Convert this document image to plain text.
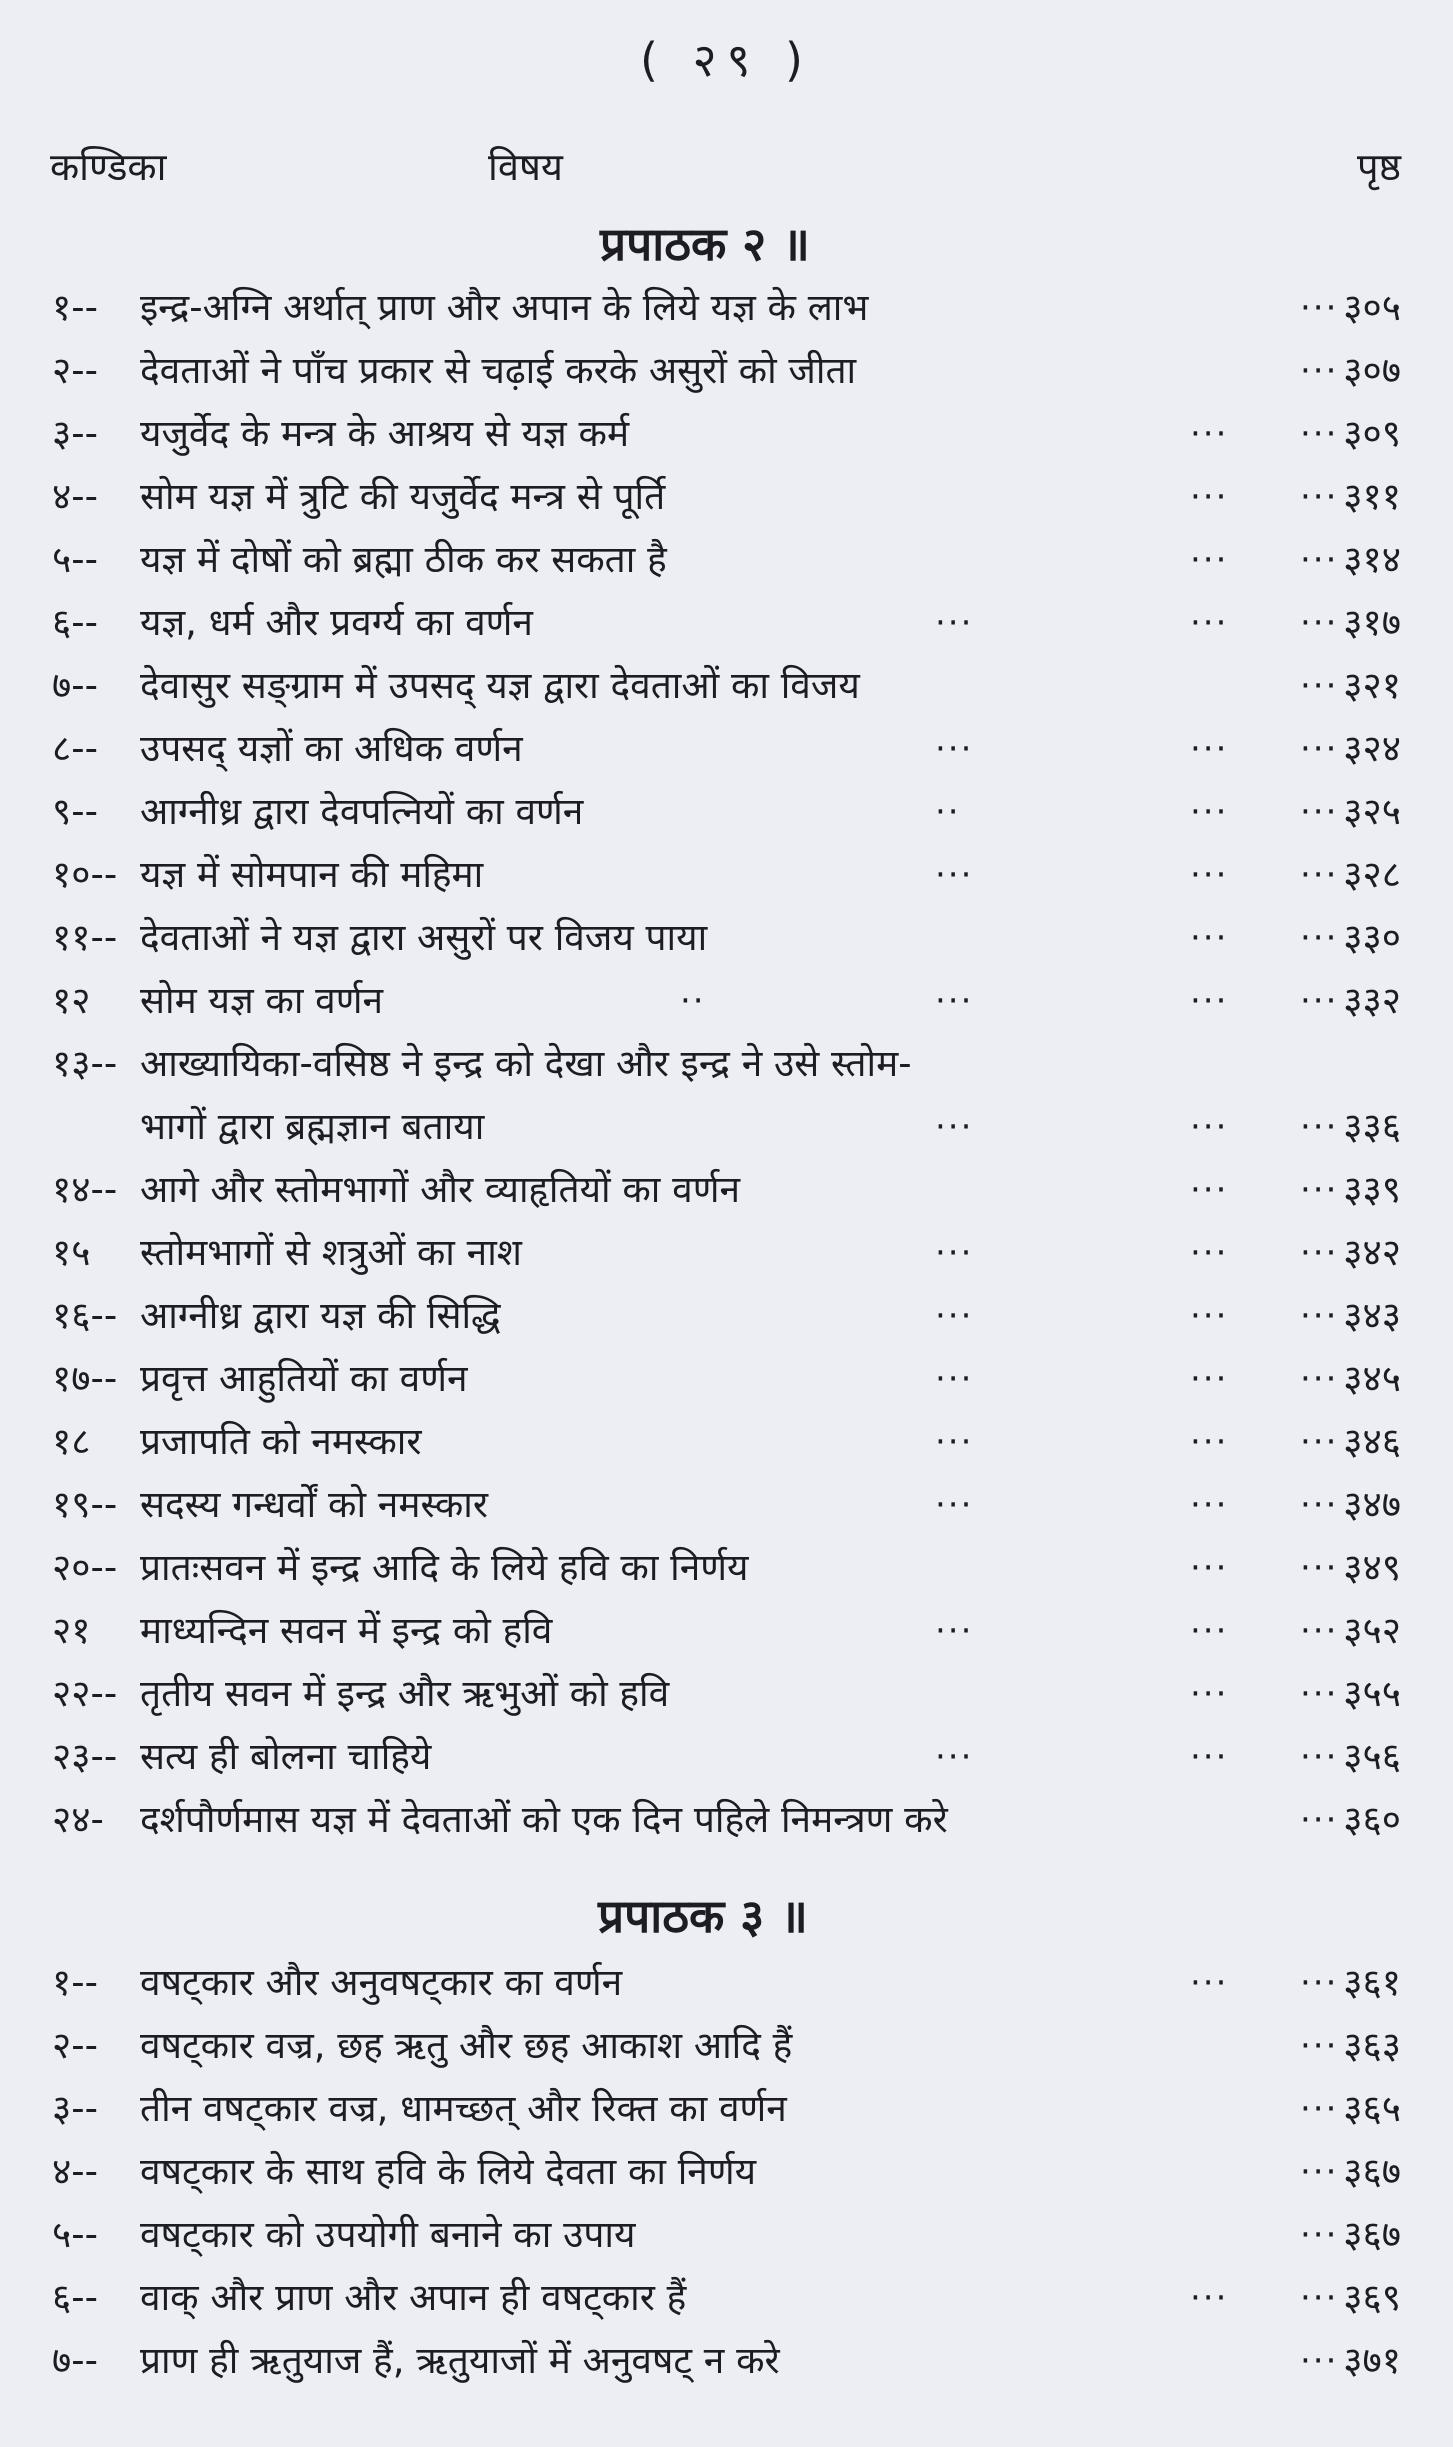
( २९ )
कण्डिका	विषय	पृष्ठ
प्रपाठक २ ॥
प्रपाठक ३ ॥
१-- इन्द्र-अग्नि अर्थात् प्राण और अपान के लिये यज्ञ के लाभ	··· ३०५
२-- देवताओं ने पाँच प्रकार से चढ़ाई करके असुरों को जीता	··· ३०७
३-- यजुर्वेद के मन्त्र के आश्रय से यज्ञ कर्म	··· ··· ३०९
४-- सोम यज्ञ में त्रुटि की यजुर्वेद मन्त्र से पूर्ति	··· ··· ३११
५-- यज्ञ में दोषों को ब्रह्मा ठीक कर सकता है	··· ··· ३१४
६-- यज्ञ, धर्म और प्रवर्ग्य का वर्णन	···	··· ··· ३१७
७-- देवासुर सङ्ग्राम में उपसद् यज्ञ द्वारा देवताओं का विजय	··· ३२१
८-- उपसद् यज्ञों का अधिक वर्णन	···	··· ··· ३२४
९-- आग्नीध्र द्वारा देवपत्नियों का वर्णन	··	··· ··· ३२५
१०-- यज्ञ में सोमपान की महिमा	···	··· ··· ३२८
११-- देवताओं ने यज्ञ द्वारा असुरों पर विजय पाया	··· ··· ३३०
१२ सोम यज्ञ का वर्णन	··	···	··· ··· ३३२
१३-- आख्यायिका-वसिष्ठ ने इन्द्र को देखा और इन्द्र ने उसे स्तोम-
भागों द्वारा ब्रह्मज्ञान बताया	···	··· ··· ३३६
१४-- आगे और स्तोमभागों और व्याहृतियों का वर्णन	··· ··· ३३९
१५ स्तोमभागों से शत्रुओं का नाश	···	··· ··· ३४२
१६-- आग्नीध्र द्वारा यज्ञ की सिद्धि	···	··· ··· ३४३
१७-- प्रवृत्त आहुतियों का वर्णन	···	··· ··· ३४५
१८ प्रजापति को नमस्कार	···	··· ··· ३४६
१९-- सदस्य गन्धर्वों को नमस्कार	···	··· ··· ३४७
२०-- प्रातःसवन में इन्द्र आदि के लिये हवि का निर्णय	··· ··· ३४९
२१ माध्यन्दिन सवन में इन्द्र को हवि	···	··· ··· ३५२
२२-- तृतीय सवन में इन्द्र और ऋभुओं को हवि	··· ··· ३५५
२३-- सत्य ही बोलना चाहिये	···	··· ··· ३५६
२४- दर्शपौर्णमास यज्ञ में देवताओं को एक दिन पहिले निमन्त्रण करे	··· ३६०
१-- वषट्कार और अनुवषट्कार का वर्णन	··· ··· ३६१
२-- वषट्कार वज्र, छह ऋतु और छह आकाश आदि हैं	··· ३६३
३-- तीन वषट्कार वज्र, धामच्छत् और रिक्त का वर्णन	··· ३६५
४-- वषट्कार के साथ हवि के लिये देवता का निर्णय	··· ३६७
५-- वषट्कार को उपयोगी बनाने का उपाय	··· ३६७
६-- वाक् और प्राण और अपान ही वषट्कार हैं	··· ··· ३६९
७-- प्राण ही ऋतुयाज हैं, ऋतुयाजों में अनुवषट् न करे	··· ३७१
